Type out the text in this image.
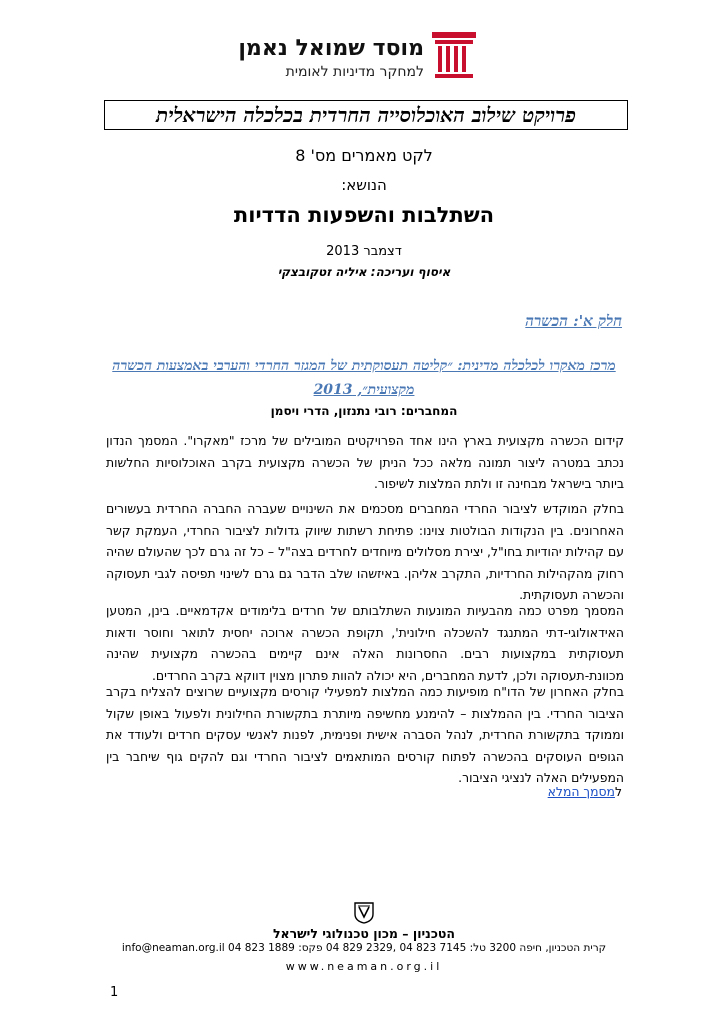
מוסד שמואל נאמן
למחקר מדיניות לאומית
פרויקט שילוב האוכלוסייה החרדית בכלכלה הישראלית
לקט מאמרים מס' 8
הנושא:
השתלבות והשפעות הדדיות
דצמבר 2013
איסוף ועריכה: איליה זטקובצקי
חלק א': הכשרה
מרכז מאקרו לכלכלה מדינית: ״קליטה תעסוקתית של המגזר החרדי והערבי באמצעות הכשרה מקצועית״, 2013
המחברים: רובי נתנזון, הדרי ויסמן

קידום הכשרה מקצועית בארץ הינו אחד הפרויקטים המובילים של מרכז "מאקרו". המסמך הנדון נכתב במטרה ליצור תמונה מלאה ככל הניתן של הכשרה מקצועית בקרב האוכלוסיות החלשות ביותר בישראל מבחינה זו ולתת המלצות לשיפור.

בחלק המוקדש לציבור החרדי המחברים מסכמים את השינויים שעברה החברה החרדית בעשורים האחרונים. בין הנקודות הבולטות צוינו: פתיחת רשתות שיווק גדולות לציבור החרדי, העמקת קשר עם קהילות יהודיות בחו"ל, יצירת מסלולים מיוחדים לחרדים בצה"ל – כל זה גרם לכך שהעולם שהיה רחוק מהקהילות החרדיות, התקרב אליהן. באיזשהו שלב הדבר גם גרם לשינוי תפיסה לגבי תעסוקה והכשרה תעסוקתית.

המסמך מפרט כמה מהבעיות המונעות השתלבותם של חרדים בלימודים אקדמאיים. בינן, המטען האידאולוגי-דתי המתנגד להשכלה חילונית', תקופת הכשרה ארוכה יחסית לתואר וחוסר ודאות תעסוקתית במקצועות רבים. החסרונות האלה אינם קיימים בהכשרה מקצועית שהינה מכוונת-תעסוקה ולכן, לדעת המחברים, היא יכולה להוות פתרון מצוין דווקא בקרב החרדים.

בחלק האחרון של הדו"ח מופיעות כמה המלצות למפעילי קורסים מקצועיים שרוצים להצליח בקרב הציבור החרדי. בין ההמלצות – להימנע מחשיפה מיותרת בתקשורת החילונית ולפעול באופן שקול וממוקד בתקשורת החרדית, לנהל הסברה אישית ופנימית, לפנות לאנשי עסקים חרדים ולעודד את הגופים העוסקים בהכשרה לפתוח קורסים המותאמים לציבור החרדי וגם להקים גוף שיחבר בין המפעילים האלה לנציגי הציבור.

למסמך המלא
הטכניון – מכון טכנולוגי לישראל
קרית הטכניון, חיפה 3200 טל: 7145 823 04 ,2329 829 04 פקס: 1889 823 04 info@neaman.org.il
www.neaman.org.il
1
